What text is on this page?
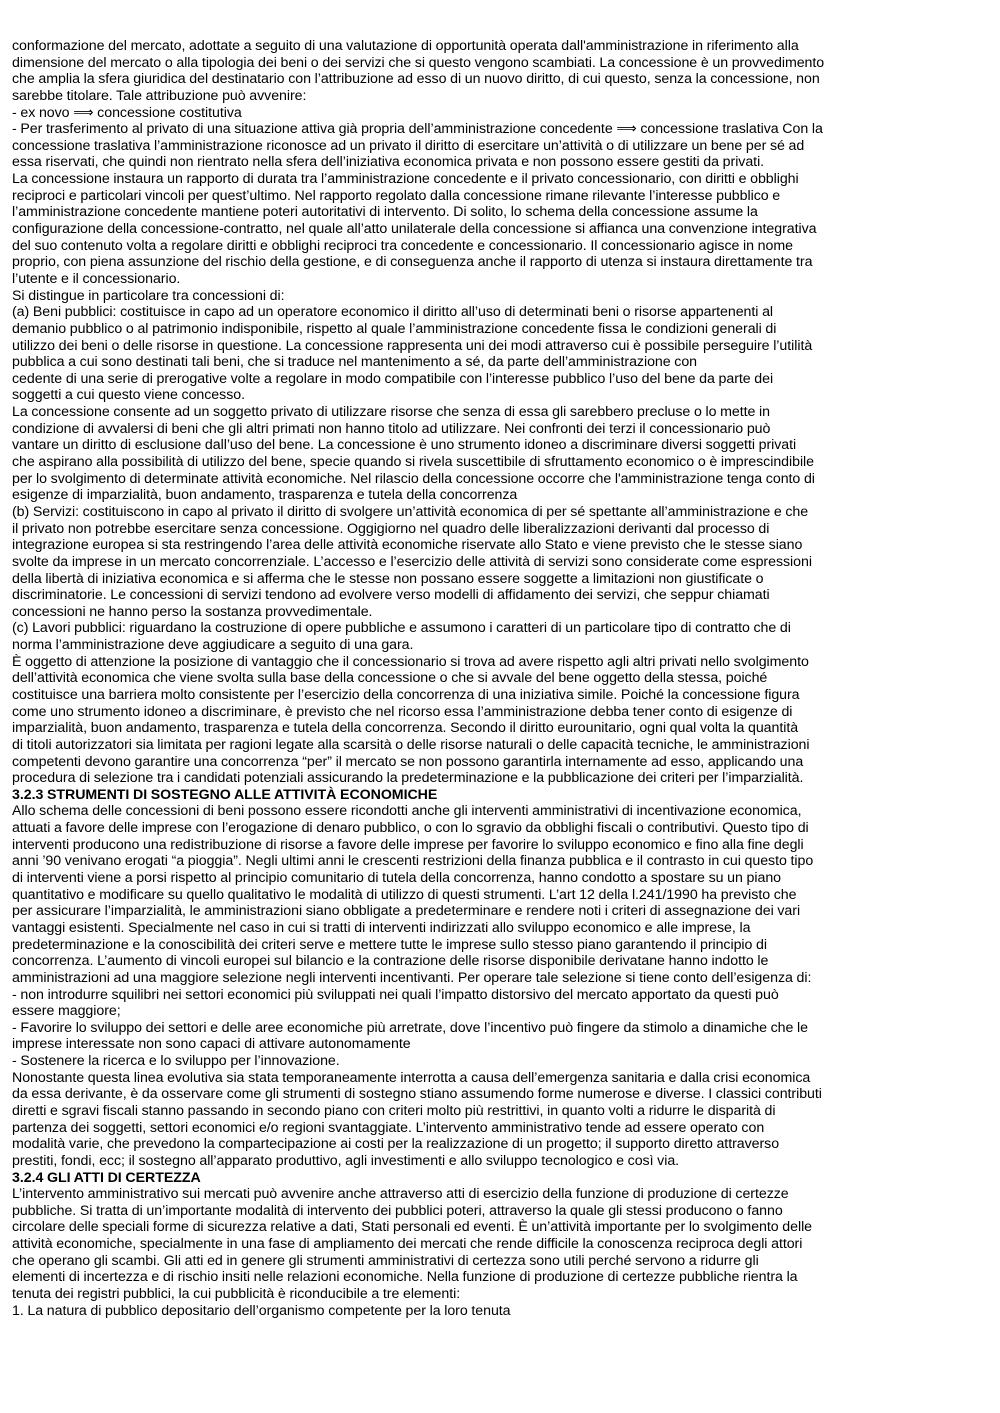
conformazione del mercato, adottate a seguito di una valutazione di opportunità operata dall'amministrazione in riferimento alla
dimensione del mercato o alla tipologia dei beni o dei servizi che si questo vengono scambiati. La concessione è un provvedimento
che amplia la sfera giuridica del destinatario con l’attribuzione ad esso di un nuovo diritto, di cui questo, senza la concessione, non
sarebbe titolare. Tale attribuzione può avvenire:
- ex novo ⟹ concessione costitutiva
- Per trasferimento al privato di una situazione attiva già propria dell’amministrazione concedente ⟹ concessione traslativa Con la
concessione traslativa l’amministrazione riconosce ad un privato il diritto di esercitare un’attività o di utilizzare un bene per sé ad
essa riservati, che quindi non rientrato nella sfera dell’iniziativa economica privata e non possono essere gestiti da privati.
La concessione instaura un rapporto di durata tra l’amministrazione concedente e il privato concessionario, con diritti e obblighi
reciproci e particolari vincoli per quest’ultimo. Nel rapporto regolato dalla concessione rimane rilevante l’interesse pubblico e
l’amministrazione concedente mantiene poteri autoritativi di intervento. Di solito, lo schema della concessione assume la
configurazione della concessione-contratto, nel quale all’atto unilaterale della concessione si affianca una convenzione integrativa
del suo contenuto volta a regolare diritti e obblighi reciproci tra concedente e concessionario. Il concessionario agisce in nome
proprio, con piena assunzione del rischio della gestione, e di conseguenza anche il rapporto di utenza si instaura direttamente tra
l’utente e il concessionario.
Si distingue in particolare tra concessioni di:
(a) Beni pubblici: costituisce in capo ad un operatore economico il diritto all’uso di determinati beni o risorse appartenenti al
demanio pubblico o al patrimonio indisponibile, rispetto al quale l’amministrazione concedente fissa le condizioni generali di
utilizzo dei beni o delle risorse in questione. La concessione rappresenta uni dei modi attraverso cui è possibile perseguire l’utilità
pubblica a cui sono destinati tali beni, che si traduce nel mantenimento a sé, da parte dell’amministrazione con
cedente di una serie di prerogative volte a regolare in modo compatibile con l’interesse pubblico l’uso del bene da parte dei
soggetti a cui questo viene concesso.
La concessione consente ad un soggetto privato di utilizzare risorse che senza di essa gli sarebbero precluse o lo mette in
condizione di avvalersi di beni che gli altri primati non hanno titolo ad utilizzare. Nei confronti dei terzi il concessionario può
vantare un diritto di esclusione dall’uso del bene. La concessione è uno strumento idoneo a discriminare diversi soggetti privati
che aspirano alla possibilità di utilizzo del bene, specie quando si rivela suscettibile di sfruttamento economico o è imprescindibile
per lo svolgimento di determinate attività economiche. Nel rilascio della concessione occorre che l'amministrazione tenga conto di
esigenze di imparzialità, buon andamento, trasparenza e tutela della concorrenza
(b) Servizi: costituiscono in capo al privato il diritto di svolgere un’attività economica di per sé spettante all’amministrazione e che
il privato non potrebbe esercitare senza concessione. Oggigiorno nel quadro delle liberalizzazioni derivanti dal processo di
integrazione europea si sta restringendo l’area delle attività economiche riservate allo Stato e viene previsto che le stesse siano
svolte da imprese in un mercato concorrenziale. L’accesso e l’esercizio delle attività di servizi sono considerate come espressioni
della libertà di iniziativa economica e si afferma che le stesse non possano essere soggette a limitazioni non giustificate o
discriminatorie. Le concessioni di servizi tendono ad evolvere verso modelli di affidamento dei servizi, che seppur chiamati
concessioni ne hanno perso la sostanza provvedimentale.
(c) Lavori pubblici: riguardano la costruzione di opere pubbliche e assumono i caratteri di un particolare tipo di contratto che di
norma l’amministrazione deve aggiudicare a seguito di una gara.
È oggetto di attenzione la posizione di vantaggio che il concessionario si trova ad avere rispetto agli altri privati nello svolgimento
dell’attività economica che viene svolta sulla base della concessione o che si avvale del bene oggetto della stessa, poiché
costituisce una barriera molto consistente per l’esercizio della concorrenza di una iniziativa simile. Poiché la concessione figura
come uno strumento idoneo a discriminare, è previsto che nel ricorso essa l’amministrazione debba tener conto di esigenze di
imparzialità, buon andamento, trasparenza e tutela della concorrenza. Secondo il diritto eurounitario, ogni qual volta la quantità
di titoli autorizzatori sia limitata per ragioni legate alla scarsità o delle risorse naturali o delle capacità tecniche, le amministrazioni
competenti devono garantire una concorrenza “per” il mercato se non possono garantirla internamente ad esso, applicando una
procedura di selezione tra i candidati potenziali assicurando la predeterminazione e la pubblicazione dei criteri per l’imparzialità.
3.2.3 STRUMENTI DI SOSTEGNO ALLE ATTIVITÀ ECONOMICHE
Allo schema delle concessioni di beni possono essere ricondotti anche gli interventi amministrativi di incentivazione economica,
attuati a favore delle imprese con l’erogazione di denaro pubblico, o con lo sgravio da obblighi fiscali o contributivi. Questo tipo di
interventi producono una redistribuzione di risorse a favore delle imprese per favorire lo sviluppo economico e fino alla fine degli
anni ’90 venivano erogati “a pioggia”. Negli ultimi anni le crescenti restrizioni della finanza pubblica e il contrasto in cui questo tipo
di interventi viene a porsi rispetto al principio comunitario di tutela della concorrenza, hanno condotto a spostare su un piano
quantitativo e modificare su quello qualitativo le modalità di utilizzo di questi strumenti. L’art 12 della l.241/1990 ha previsto che
per assicurare l’imparzialità, le amministrazioni siano obbligate a predeterminare e rendere noti i criteri di assegnazione dei vari
vantaggi esistenti. Specialmente nel caso in cui si tratti di interventi indirizzati allo sviluppo economico e alle imprese, la
predeterminazione e la conoscibilità dei criteri serve e mettere tutte le imprese sullo stesso piano garantendo il principio di
concorrenza. L’aumento di vincoli europei sul bilancio e la contrazione delle risorse disponibile derivatane hanno indotto le
amministrazioni ad una maggiore selezione negli interventi incentivanti. Per operare tale selezione si tiene conto dell’esigenza di:
- non introdurre squilibri nei settori economici più sviluppati nei quali l’impatto distorsivo del mercato apportato da questi può
essere maggiore;
- Favorire lo sviluppo dei settori e delle aree economiche più arretrate, dove l’incentivo può fingere da stimolo a dinamiche che le
imprese interessate non sono capaci di attivare autonomamente
- Sostenere la ricerca e lo sviluppo per l’innovazione.
Nonostante questa linea evolutiva sia stata temporaneamente interrotta a causa dell’emergenza sanitaria e dalla crisi economica
da essa derivante, è da osservare come gli strumenti di sostegno stiano assumendo forme numerose e diverse. I classici contributi
diretti e sgravi fiscali stanno passando in secondo piano con criteri molto più restrittivi, in quanto volti a ridurre le disparità di
partenza dei soggetti, settori economici e/o regioni svantaggiate. L’intervento amministrativo tende ad essere operato con
modalità varie, che prevedono la compartecipazione ai costi per la realizzazione di un progetto; il supporto diretto attraverso
prestiti, fondi, ecc; il sostegno all’apparato produttivo, agli investimenti e allo sviluppo tecnologico e così via.
3.2.4 GLI ATTI DI CERTEZZA
L’intervento amministrativo sui mercati può avvenire anche attraverso atti di esercizio della funzione di produzione di certezze
pubbliche. Si tratta di un’importante modalità di intervento dei pubblici poteri, attraverso la quale gli stessi producono o fanno
circolare delle speciali forme di sicurezza relative a dati, Stati personali ed eventi. È un’attività importante per lo svolgimento delle
attività economiche, specialmente in una fase di ampliamento dei mercati che rende difficile la conoscenza reciproca degli attori
che operano gli scambi. Gli atti ed in genere gli strumenti amministrativi di certezza sono utili perché servono a ridurre gli
elementi di incertezza e di rischio insiti nelle relazioni economiche. Nella funzione di produzione di certezze pubbliche rientra la
tenuta dei registri pubblici, la cui pubblicità è riconducibile a tre elementi:
1. La natura di pubblico depositario dell’organismo competente per la loro tenuta
